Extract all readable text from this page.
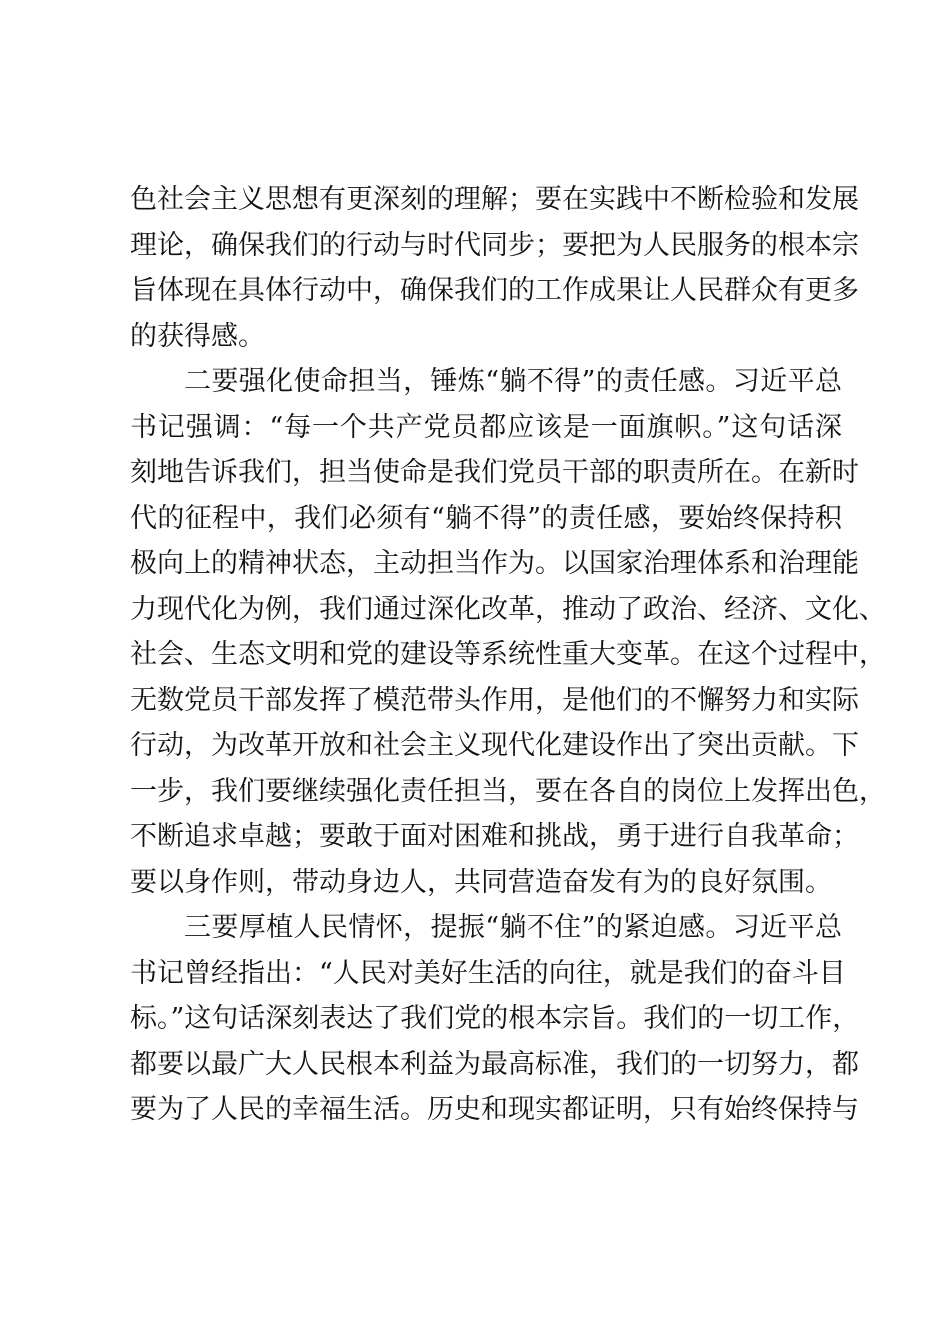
色社会主义思想有更深刻的理解；要在实践中不断检验和发展
理论，确保我们的行动与时代同步；要把为人民服务的根本宗
旨体现在具体行动中，确保我们的工作成果让人民群众有更多
的获得感。
二要强化使命担当，锤炼“躺不得”的责任感。习近平总
书记强调：“每一个共产党员都应该是一面旗帜。”这句话深
刻地告诉我们，担当使命是我们党员干部的职责所在。在新时
代的征程中，我们必须有“躺不得”的责任感，要始终保持积
极向上的精神状态，主动担当作为。以国家治理体系和治理能
力现代化为例，我们通过深化改革，推动了政治、经济、文化、
社会、生态文明和党的建设等系统性重大变革。在这个过程中，
无数党员干部发挥了模范带头作用，是他们的不懈努力和实际
行动，为改革开放和社会主义现代化建设作出了突出贡献。下
一步，我们要继续强化责任担当，要在各自的岗位上发挥出色，
不断追求卓越；要敢于面对困难和挑战，勇于进行自我革命；
要以身作则，带动身边人，共同营造奋发有为的良好氛围。
三要厚植人民情怀，提振“躺不住”的紧迫感。习近平总
书记曾经指出：“人民对美好生活的向往，就是我们的奋斗目
标。”这句话深刻表达了我们党的根本宗旨。我们的一切工作，
都要以最广大人民根本利益为最高标准，我们的一切努力，都
要为了人民的幸福生活。历史和现实都证明，只有始终保持与
